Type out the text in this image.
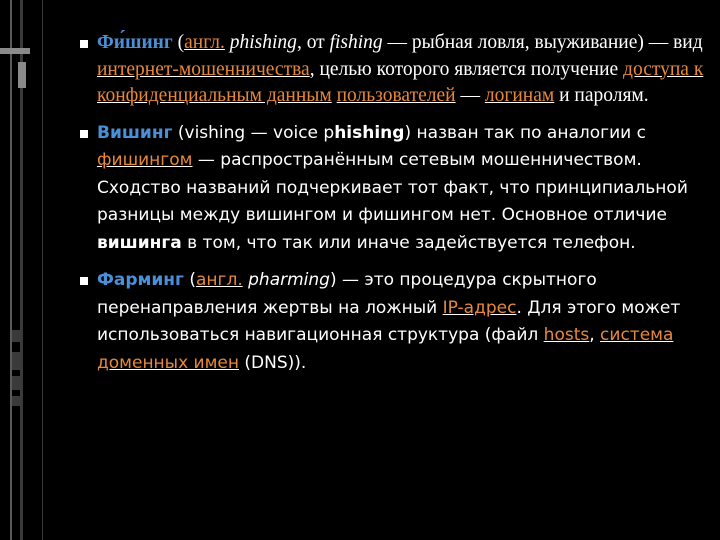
Фи́шинг (англ. phishing, от fishing — рыбная ловля, выуживание) — вид интернет-мошенничества, целью которого является получение доступа к конфиденциальным данным пользователей — логинам и паролям.
Вишинг (vishing — voice phishing) назван так по аналогии с фишингом — распространённым сетевым мошенничеством. Сходство названий подчеркивает тот факт, что принципиальной разницы между вишингом и фишингом нет. Основное отличие вишинга в том, что так или иначе задействуется телефон.
Фарминг (англ. pharming) — это процедура скрытного перенаправления жертвы на ложный IP-адрес. Для этого может использоваться навигационная структура (файл hosts, система доменных имен (DNS)).
